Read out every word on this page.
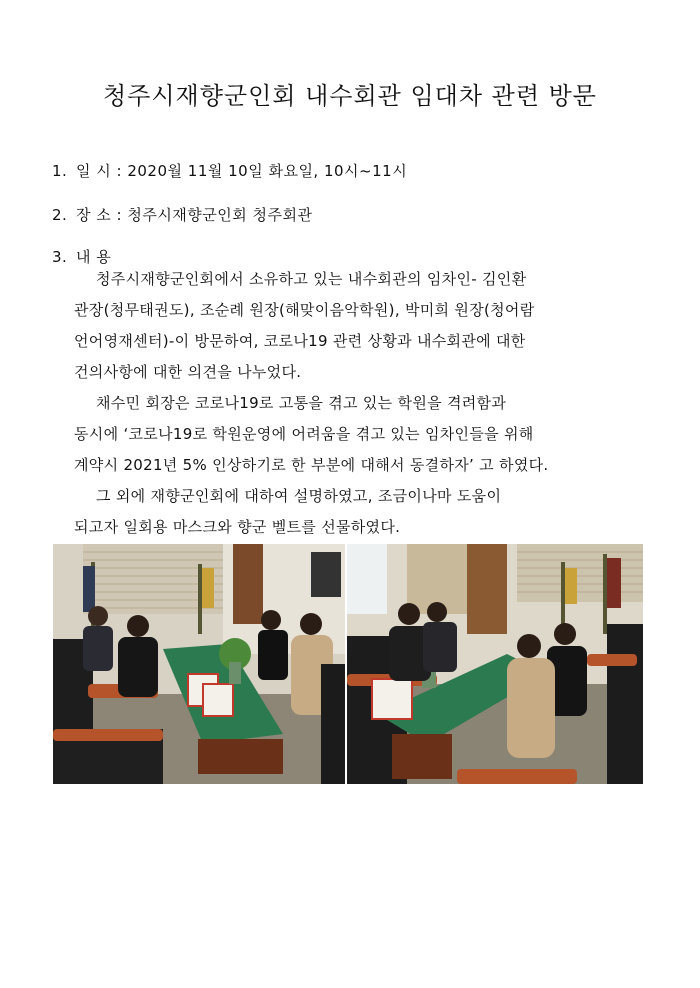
청주시재향군인회 내수회관 임대차 관련 방문
1. 일 시 : 2020월 11월 10일 화요일, 10시~11시
2. 장 소 : 청주시재향군인회 청주회관
3. 내 용
청주시재향군인회에서 소유하고 있는 내수회관의 임차인- 김인환
관장(청무태권도), 조순례 원장(해맞이음악학원), 박미희 원장(청어람
언어영재센터)-이 방문하여, 코로나19 관련 상황과 내수회관에 대한
건의사항에 대한 의견을 나누었다.
채수민 회장은 코로나19로 고통을 겪고 있는 학원을 격려함과
동시에 ‘코로나19로 학원운영에 어려움을 겪고 있는 임차인들을 위해
계약시 2021년 5% 인상하기로 한 부분에 대해서 동결하자’ 고 하였다.
그 외에 재향군인회에 대하여 설명하였고, 조금이나마 도움이
되고자 일회용 마스크와 향군 벨트를 선물하였다.
